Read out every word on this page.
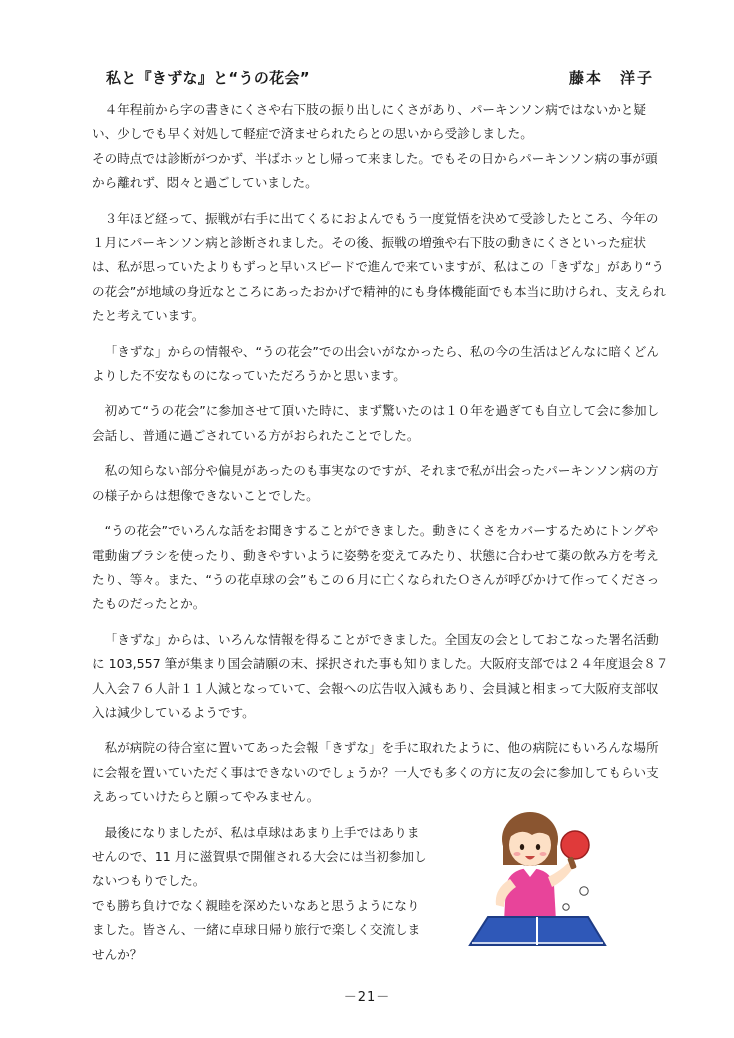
私と『きずな』と“うの花会”	藤本　洋子

４年程前から字の書きにくさや右下肢の振り出しにくさがあり、パーキンソン病ではないかと疑い、少しでも早く対処して軽症で済ませられたらとの思いから受診しました。

その時点では診断がつかず、半ばホッとし帰って来ました。でもその日からパーキンソン病の事が頭から離れず、悶々と過ごしていました。

３年ほど経って、振戦が右手に出てくるにおよんでもう一度覚悟を決めて受診したところ、今年の１月にパーキンソン病と診断されました。その後、振戦の増強や右下肢の動きにくさといった症状は、私が思っていたよりもずっと早いスピードで進んで来ていますが、私はこの「きずな」があり“うの花会”が地域の身近なところにあったおかげで精神的にも身体機能面でも本当に助けられ、支えられたと考えています。

「きずな」からの情報や、“うの花会”での出会いがなかったら、私の今の生活はどんなに暗くどんよりした不安なものになっていただろうかと思います。

初めて“うの花会”に参加させて頂いた時に、まず驚いたのは１０年を過ぎても自立して会に参加し会話し、普通に過ごされている方がおられたことでした。

私の知らない部分や偏見があったのも事実なのですが、それまで私が出会ったパーキンソン病の方の様子からは想像できないことでした。

“うの花会”でいろんな話をお聞きすることができました。動きにくさをカバーするためにトングや電動歯ブラシを使ったり、動きやすいように姿勢を変えてみたり、状態に合わせて薬の飲み方を考えたり、等々。また、“うの花卓球の会”もこの６月に亡くなられたＯさんが呼びかけて作ってくださったものだったとか。

「きずな」からは、いろんな情報を得ることができました。全国友の会としておこなった署名活動に 103,557 筆が集まり国会請願の末、採択された事も知りました。大阪府支部では２４年度退会８７人入会７６人計１１人減となっていて、会報への広告収入減もあり、会員減と相まって大阪府支部収入は減少しているようです。

私が病院の待合室に置いてあった会報「きずな」を手に取れたように、他の病院にもいろんな場所に会報を置いていただく事はできないのでしょうか？一人でも多くの方に友の会に参加してもらい支えあっていけたらと願ってやみません。

最後になりましたが、私は卓球はあまり上手ではありませんので、11 月に滋賀県で開催される大会には当初参加しないつもりでした。

でも勝ち負けでなく親睦を深めたいなあと思うようになりました。皆さん、一緒に卓球日帰り旅行で楽しく交流しませんか？

－21－
